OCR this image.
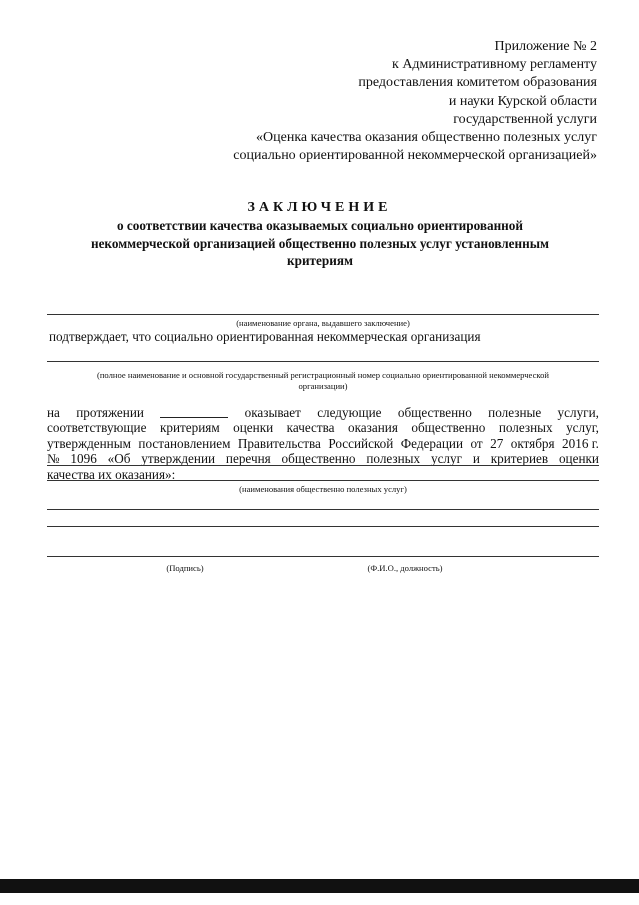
Приложение № 2
к Административному регламенту
предоставления комитетом образования
и науки Курской области
государственной услуги
«Оценка качества оказания общественно полезных услуг
социально ориентированной некоммерческой организацией»
ЗАКЛЮЧЕНИЕ
о соответствии качества оказываемых социально ориентированной
некоммерческой организацией общественно полезных услуг установленным
критериям
(наименование органа, выдавшего заключение)
подтверждает, что социально ориентированная некоммерческая организация
(полное наименование и основной государственный регистрационный номер социально ориентированной некоммерческой
организации)
на протяжении	оказывает следующие общественно полезные услуги,
соответствующие критериям оценки качества оказания общественно полезных услуг,
утвержденным постановлением Правительства Российской Федерации от 27 октября 2016 г.
№ 1096 «Об утверждении перечня общественно полезных услуг и критериев оценки
качества их оказания»:
(наименования общественно полезных услуг)
(Подпись)	(Ф.И.О., должность)
